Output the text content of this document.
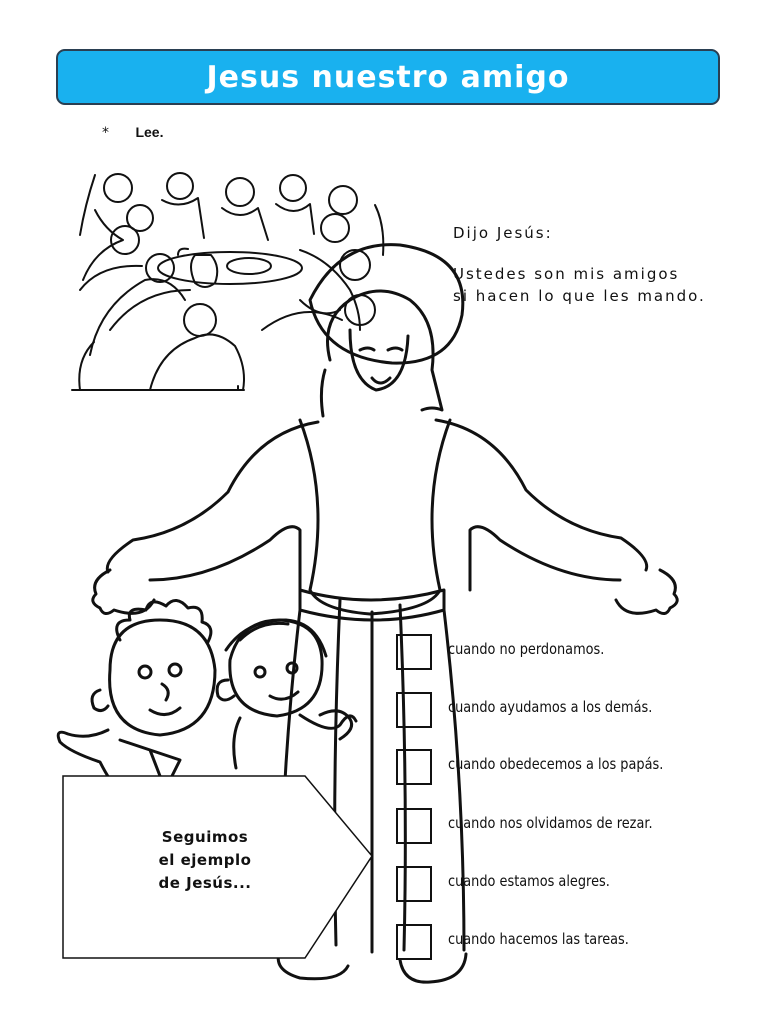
Jesus nuestro amigo
* Lee.
Dijo Jesús:
Ustedes son mis amigos
si hacen lo que les mando.
cuando no perdonamos.
cuando ayudamos a los demás.
cuando obedecemos a los papás.
cuando nos olvidamos de rezar.
cuando estamos alegres.
cuando hacemos las tareas.
Seguimos
el ejemplo
de Jesús...
